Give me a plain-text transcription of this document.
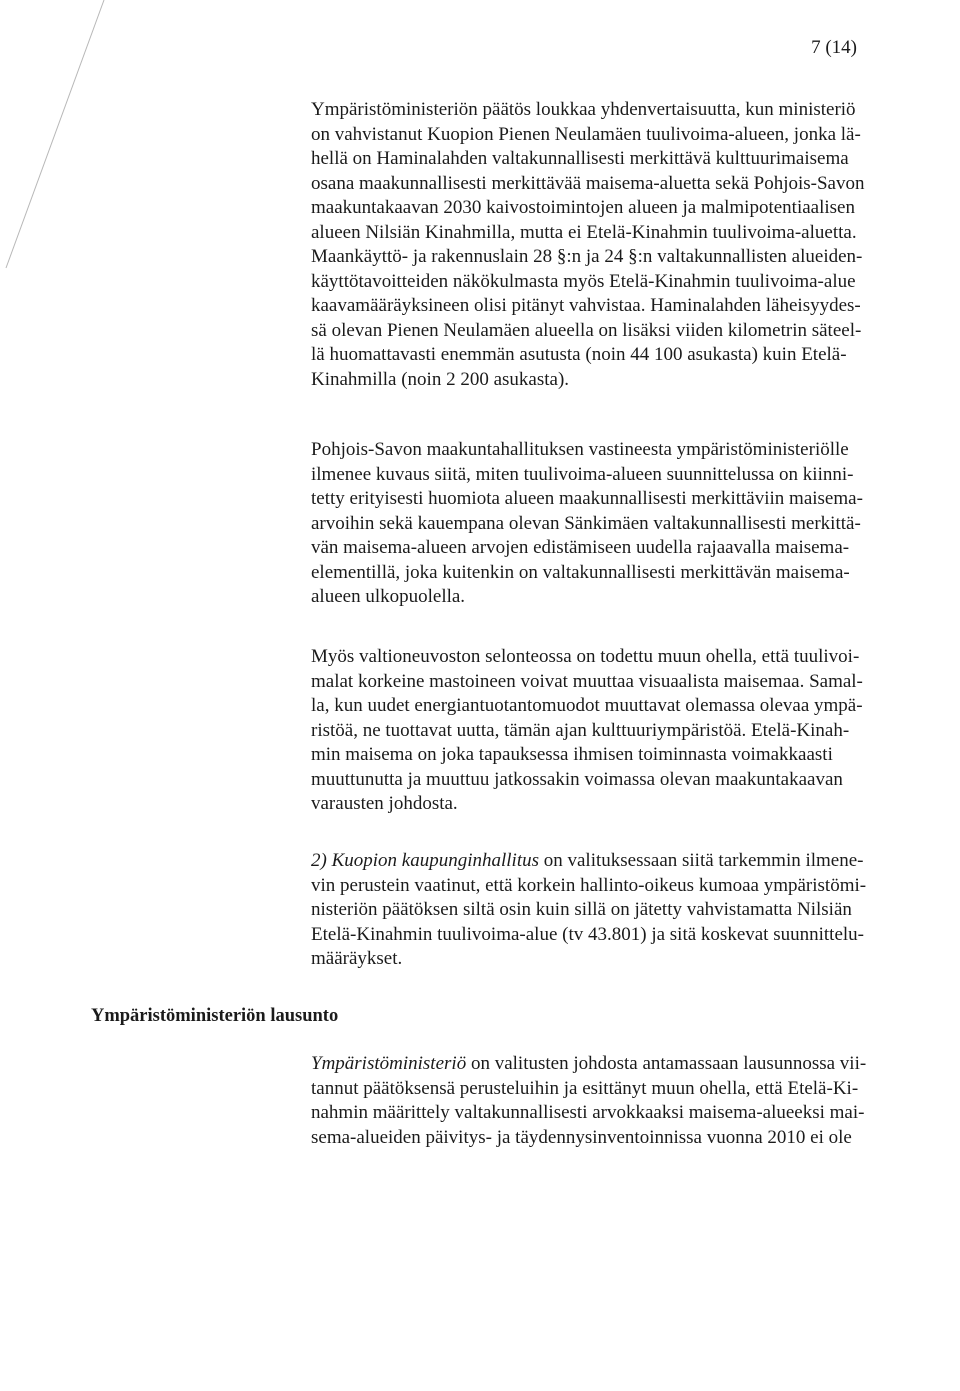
7 (14)
Ympäristöministeriön päätös loukkaa yhdenvertaisuutta, kun ministeriö
on vahvistanut Kuopion Pienen Neulamäen tuulivoima-alueen, jonka lä-
hellä on Haminalahden valtakunnallisesti merkittävä kulttuurimaisema
osana maakunnallisesti merkittävää maisema-aluetta sekä Pohjois-Savon
maakuntakaavan 2030 kaivostoimintojen alueen ja malmipotentiaalisen
alueen Nilsiän Kinahmilla, mutta ei Etelä-Kinahmin tuulivoima-aluetta.
Maankäyttö- ja rakennuslain 28 §:n ja 24 §:n valtakunnallisten alueiden-
käyttötavoitteiden näkökulmasta myös Etelä-Kinahmin tuulivoima-alue
kaavamääräyksineen olisi pitänyt vahvistaa. Haminalahden läheisyydes-
sä olevan Pienen Neulamäen alueella on lisäksi viiden kilometrin säteel-
lä huomattavasti enemmän asutusta (noin 44 100 asukasta) kuin Etelä-
Kinahmilla (noin 2 200 asukasta).
Pohjois-Savon maakuntahallituksen vastineesta ympäristöministeriölle
ilmenee kuvaus siitä, miten tuulivoima-alueen suunnittelussa on kiinni-
tetty erityisesti huomiota alueen maakunnallisesti merkittäviin maisema-
arvoihin sekä kauempana olevan Sänkimäen valtakunnallisesti merkittä-
vän maisema-alueen arvojen edistämiseen uudella rajaavalla maisema-
elementillä, joka kuitenkin on valtakunnallisesti merkittävän maisema-
alueen ulkopuolella.
Myös valtioneuvoston selonteossa on todettu muun ohella, että tuulivoi-
malat korkeine mastoineen voivat muuttaa visuaalista maisemaa. Samal-
la, kun uudet energiantuotantomuodot muuttavat olemassa olevaa ympä-
ristöä, ne tuottavat uutta, tämän ajan kulttuuriympäristöä. Etelä-Kinah-
min maisema on joka tapauksessa ihmisen toiminnasta voimakkaasti
muuttunutta ja muuttuu jatkossakin voimassa olevan maakuntakaavan
varausten johdosta.
2) Kuopion kaupunginhallitus on valituksessaan siitä tarkemmin ilmene-
vin perustein vaatinut, että korkein hallinto-oikeus kumoaa ympäristömi-
nisteriön päätöksen siltä osin kuin sillä on jätetty vahvistamatta Nilsiän
Etelä-Kinahmin tuulivoima-alue (tv 43.801) ja sitä koskevat suunnittelu-
määräykset.
Ympäristöministeriön lausunto
Ympäristöministeriö on valitusten johdosta antamassaan lausunnossa vii-
tannut päätöksensä perusteluihin ja esittänyt muun ohella, että Etelä-Ki-
nahmin määrittely valtakunnallisesti arvokkaaksi maisema-alueeksi mai-
sema-alueiden päivitys- ja täydennysinventoinnissa vuonna 2010 ei ole
